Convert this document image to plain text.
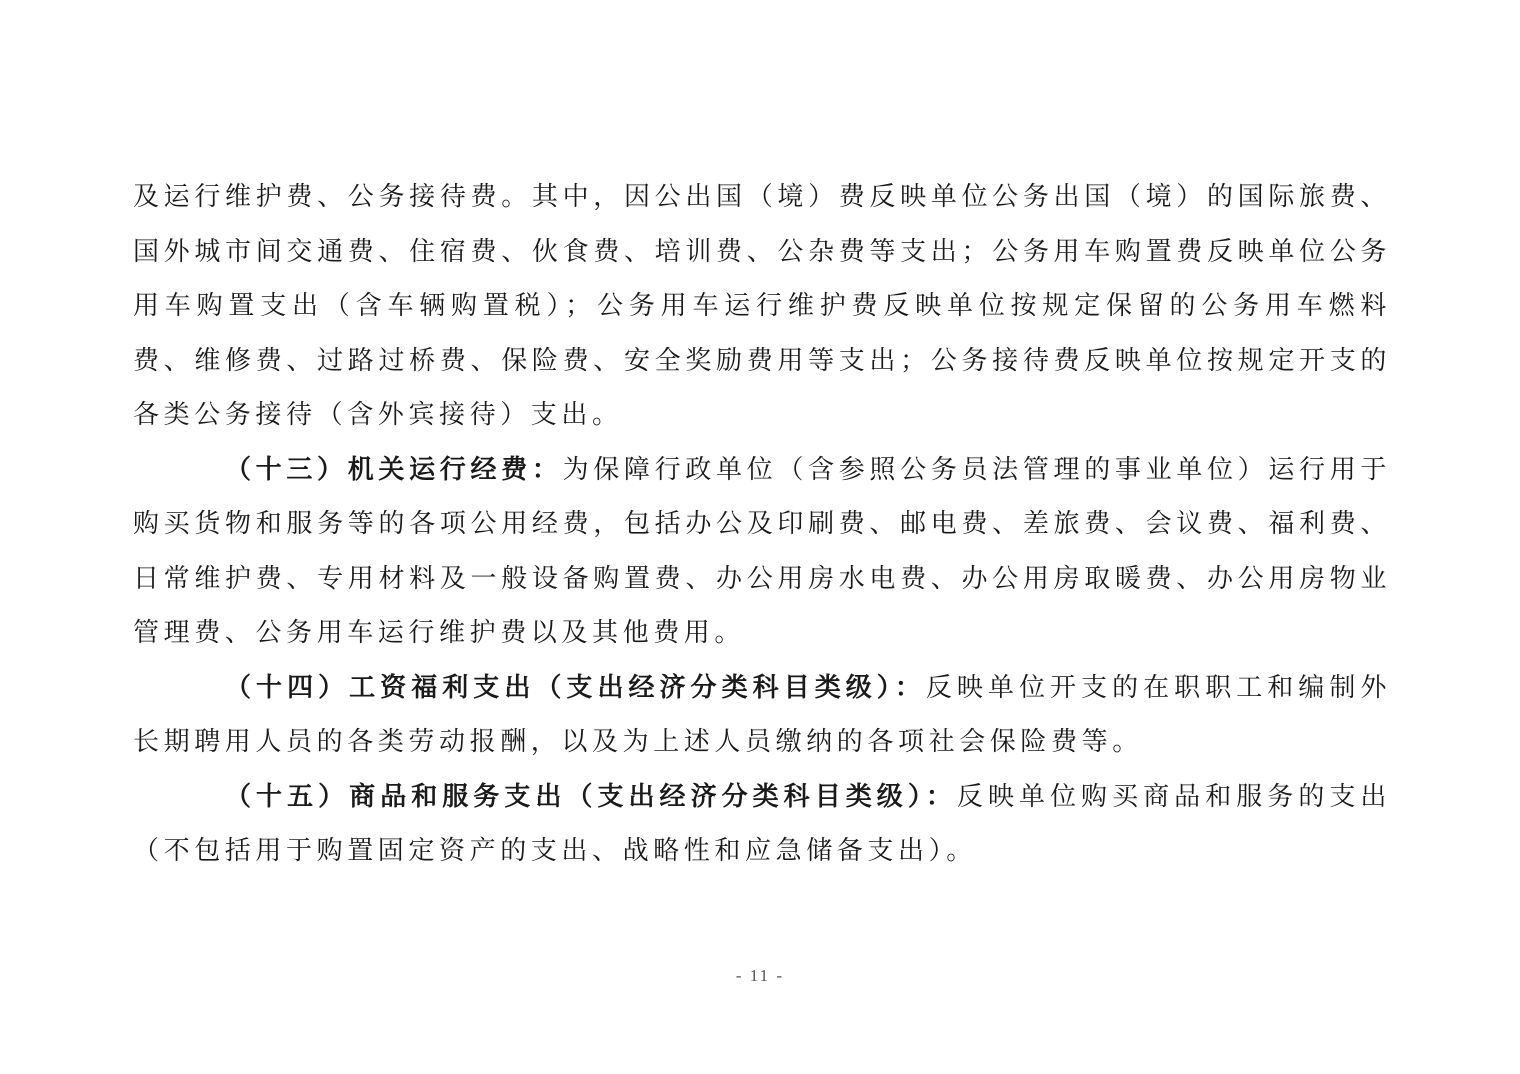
及运行维护费、公务接待费。其中，因公出国（境）费反映单位公务出国（境）的国际旅费、国外城市间交通费、住宿费、伙食费、培训费、公杂费等支出；公务用车购置费反映单位公务用车购置支出（含车辆购置税）；公务用车运行维护费反映单位按规定保留的公务用车燃料费、维修费、过路过桥费、保险费、安全奖励费用等支出；公务接待费反映单位按规定开支的各类公务接待（含外宾接待）支出。

（十三）机关运行经费：为保障行政单位（含参照公务员法管理的事业单位）运行用于购买货物和服务等的各项公用经费，包括办公及印刷费、邮电费、差旅费、会议费、福利费、日常维护费、专用材料及一般设备购置费、办公用房水电费、办公用房取暖费、办公用房物业管理费、公务用车运行维护费以及其他费用。

（十四）工资福利支出（支出经济分类科目类级）：反映单位开支的在职职工和编制外长期聘用人员的各类劳动报酬，以及为上述人员缴纳的各项社会保险费等。

（十五）商品和服务支出（支出经济分类科目类级）：反映单位购买商品和服务的支出（不包括用于购置固定资产的支出、战略性和应急储备支出）。

- 11 -
